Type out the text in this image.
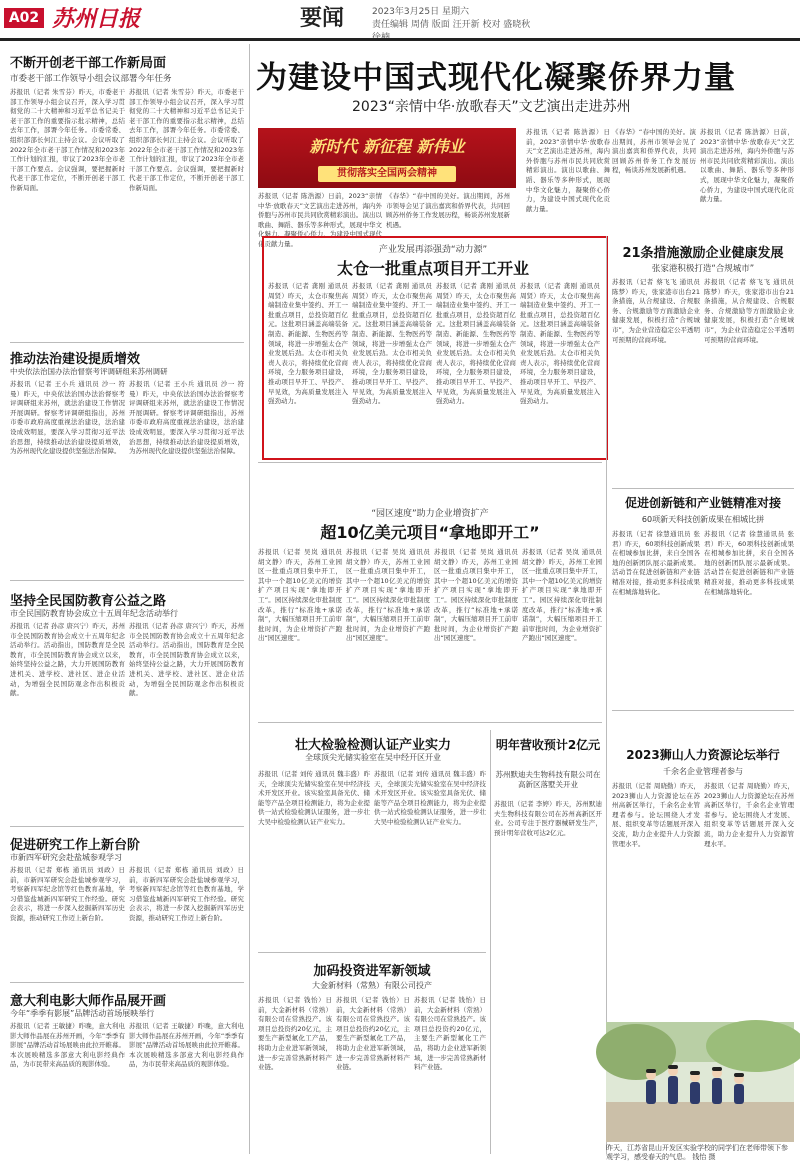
A02 苏州日报	要闻	2023年3月25日 星期六
责任编辑 周倩 版面 汪开新 校对 盛晓秋
不断开创老干部工作新局面
市委老干部工作领导小组会议部署今年任务
苏报讯（记者 朱雪芬）昨天，市委老干部工作领导小组会议召开，深入学习贯彻党的二十大精神和习近平总书记关于老干部工作的重要指示批示精神，总结去年工作，部署今年任务。市委常委、组织部部长何江主持会议。会议听取了2022年全市老干部工作情况和2023年工作计划的汇报，审议了2023年全市老干部工作要点。会议强调，要把握新时代老干部工作定位，不断开创老干部工作新局面。
苏报讯（记者 朱雪芬）昨天，市委老干部工作领导小组会议召开，深入学习贯彻党的二十大精神和习近平总书记关于老干部工作的重要指示批示精神，总结去年工作，部署今年任务。市委常委、组织部部长何江主持会议。会议听取了2022年全市老干部工作情况和2023年工作计划的汇报，审议了2023年全市老干部工作要点。会议强调，要把握新时代老干部工作定位，不断开创老干部工作新局面。
推动法治建设提质增效
中央依法治国办法治督察考评调研组来苏州调研
苏报讯（记者 王小兵 通讯员 沙一 符曼）昨天，中央依法治国办法治督察考评调研组来苏州，就法治建设工作情况开展调研。督察考评调研组指出，苏州市委市政府高度重视法治建设，法治建设成效明显，要深入学习贯彻习近平法治思想，持续推动法治建设提质增效，为苏州现代化建设提供坚强法治保障。
苏报讯（记者 王小兵 通讯员 沙一 符曼）昨天，中央依法治国办法治督察考评调研组来苏州，就法治建设工作情况开展调研。督察考评调研组指出，苏州市委市政府高度重视法治建设，法治建设成效明显，要深入学习贯彻习近平法治思想，持续推动法治建设提质增效，为苏州现代化建设提供坚强法治保障。
坚持全民国防教育公益之路
市全民国防教育协会成立十五周年纪念活动举行
苏报讯（记者 孙彦 唐兴宁）昨天，苏州市全民国防教育协会成立十五周年纪念活动举行。活动指出，国防教育是全民教育，市全民国防教育协会成立以来，始终坚持公益之路，大力开展国防教育进机关、进学校、进社区、进企业活动，为增强全民国防观念作出积极贡献。
苏报讯（记者 孙彦 唐兴宁）昨天，苏州市全民国防教育协会成立十五周年纪念活动举行。活动指出，国防教育是全民教育，市全民国防教育协会成立以来，始终坚持公益之路，大力开展国防教育进机关、进学校、进社区、进企业活动，为增强全民国防观念作出积极贡献。
促进研究工作上新台阶
市新四军研究会赴盐城参观学习
苏报讯（记者 郑栋 通讯员 刘政）日前，市新四军研究会赴盐城参观学习，考察新四军纪念馆等红色教育基地，学习借鉴盐城新四军研究工作经验。研究会表示，将进一步深入挖掘新四军历史资源，推动研究工作迈上新台阶。
苏报讯（记者 郑栋 通讯员 刘政）日前，市新四军研究会赴盐城参观学习，考察新四军纪念馆等红色教育基地，学习借鉴盐城新四军研究工作经验。研究会表示，将进一步深入挖掘新四军历史资源，推动研究工作迈上新台阶。
意大利电影大师作品展开画
今年“季季有影展”品牌活动首场展映举行
苏报讯（记者 王敏捷）昨晚，意大利电影大师作品展在苏州开画，今年“季季有影展”品牌活动首场展映由此拉开帷幕。本次展映精选多部意大利电影经典作品，为市民带来高品质的观影体验。
苏报讯（记者 王敏捷）昨晚，意大利电影大师作品展在苏州开画，今年“季季有影展”品牌活动首场展映由此拉开帷幕。本次展映精选多部意大利电影经典作品，为市民带来高品质的观影体验。
为建设中国式现代化凝聚侨界力量
2023“亲情中华·放歌春天”文艺演出走进苏州
新时代 新征程 新伟业
贯彻落实全国两会精神
苏报讯（记者 陈浩源）日前，2023“亲情中华·放歌春天”文艺演出走进苏州，海内外侨胞与苏州市民共同欣赏精彩演出。演出以歌曲、舞蹈、器乐等多种形式，展现中华文化魅力，凝聚侨心侨力，为建设中国式现代化贡献力量。
《春华》“春中国的美好。演出期间，苏州市领导会见了演出嘉宾和侨界代表，共同回顾苏州侨务工作发展历程，畅谈苏州发展新机遇。
苏报讯（记者 陈浩源）日前，2023“亲情中华·放歌春天”文艺演出走进苏州，海内外侨胞与苏州市民共同欣赏精彩演出。演出以歌曲、舞蹈、器乐等多种形式，展现中华文化魅力，凝聚侨心侨力，为建设中国式现代化贡献力量。
《春华》“春中国的美好。演出期间，苏州市领导会见了演出嘉宾和侨界代表，共同回顾苏州侨务工作发展历程，畅谈苏州发展新机遇。
苏报讯（记者 陈浩源）日前，2023“亲情中华·放歌春天”文艺演出走进苏州，海内外侨胞与苏州市民共同欣赏精彩演出。演出以歌曲、舞蹈、器乐等多种形式，展现中华文化魅力，凝聚侨心侨力，为建设中国式现代化贡献力量。
产业发展再添强劲“动力源”
太仓一批重点项目开工开业
苏报讯（记者 龚刚 通讯员 周贤）昨天，太仓市聚焦高端制造业集中签约、开工一批重点项目，总投资超百亿元。这批项目涵盖高端装备制造、新能源、生物医药等领域，将进一步增强太仓产业发展后劲。太仓市相关负责人表示，将持续优化营商环境，全力服务项目建设，推动项目早开工、早投产、早见效，为高质量发展注入强劲动力。
苏报讯（记者 龚刚 通讯员 周贤）昨天，太仓市聚焦高端制造业集中签约、开工一批重点项目，总投资超百亿元。这批项目涵盖高端装备制造、新能源、生物医药等领域，将进一步增强太仓产业发展后劲。太仓市相关负责人表示，将持续优化营商环境，全力服务项目建设，推动项目早开工、早投产、早见效，为高质量发展注入强劲动力。
苏报讯（记者 龚刚 通讯员 周贤）昨天，太仓市聚焦高端制造业集中签约、开工一批重点项目，总投资超百亿元。这批项目涵盖高端装备制造、新能源、生物医药等领域，将进一步增强太仓产业发展后劲。太仓市相关负责人表示，将持续优化营商环境，全力服务项目建设，推动项目早开工、早投产、早见效，为高质量发展注入强劲动力。
苏报讯（记者 龚刚 通讯员 周贤）昨天，太仓市聚焦高端制造业集中签约、开工一批重点项目，总投资超百亿元。这批项目涵盖高端装备制造、新能源、生物医药等领域，将进一步增强太仓产业发展后劲。太仓市相关负责人表示，将持续优化营商环境，全力服务项目建设，推动项目早开工、早投产、早见效，为高质量发展注入强劲动力。
“园区速度”助力企业增资扩产
超10亿美元项目“拿地即开工”
苏报讯（记者 吴岚 通讯员 胡文静）昨天，苏州工业园区一批重点项目集中开工，其中一个超10亿美元的增资扩产项目实现“拿地即开工”。园区持续深化审批制度改革，推行“标准地+承诺制”，大幅压缩项目开工前审批时间，为企业增资扩产跑出“园区速度”。
苏报讯（记者 吴岚 通讯员 胡文静）昨天，苏州工业园区一批重点项目集中开工，其中一个超10亿美元的增资扩产项目实现“拿地即开工”。园区持续深化审批制度改革，推行“标准地+承诺制”，大幅压缩项目开工前审批时间，为企业增资扩产跑出“园区速度”。
苏报讯（记者 吴岚 通讯员 胡文静）昨天，苏州工业园区一批重点项目集中开工，其中一个超10亿美元的增资扩产项目实现“拿地即开工”。园区持续深化审批制度改革，推行“标准地+承诺制”，大幅压缩项目开工前审批时间，为企业增资扩产跑出“园区速度”。
苏报讯（记者 吴岚 通讯员 胡文静）昨天，苏州工业园区一批重点项目集中开工，其中一个超10亿美元的增资扩产项目实现“拿地即开工”。园区持续深化审批制度改革，推行“标准地+承诺制”，大幅压缩项目开工前审批时间，为企业增资扩产跑出“园区速度”。
壮大检验检测认证产业实力
全球顶尖光储实验室在吴中经开区开业
苏报讯（记者 刘传 通讯员 魏丰盛）昨天，全球顶尖光储实验室在吴中经济技术开发区开业。该实验室具备光伏、储能等产品全项目检测能力，将为企业提供一站式检验检测认证服务，进一步壮大吴中检验检测认证产业实力。
苏报讯（记者 刘传 通讯员 魏丰盛）昨天，全球顶尖光储实验室在吴中经济技术开发区开业。该实验室具备光伏、储能等产品全项目检测能力，将为企业提供一站式检验检测认证服务，进一步壮大吴中检验检测认证产业实力。
明年营收预计2亿元
苏州默迪夫生物科技有限公司在高新区落墅关开业
苏报讯（记者 李婷）昨天，苏州默迪夫生物科技有限公司在苏州高新区开业。公司专注于医疗器械研发生产，预计明年营收可达2亿元。
加码投资进军新领域
大金新材料（常熟）有限公司投产
苏报讯（记者 钱怡）日前，大金新材料（常熟）有限公司在常熟投产。该项目总投资约20亿元，主要生产新型氟化工产品，将助力企业进军新领域，进一步完善常熟新材料产业链。
苏报讯（记者 钱怡）日前，大金新材料（常熟）有限公司在常熟投产。该项目总投资约20亿元，主要生产新型氟化工产品，将助力企业进军新领域，进一步完善常熟新材料产业链。
苏报讯（记者 钱怡）日前，大金新材料（常熟）有限公司在常熟投产。该项目总投资约20亿元，主要生产新型氟化工产品，将助力企业进军新领域，进一步完善常熟新材料产业链。
21条措施激励企业健康发展
张家港积极打造“合规城市”
苏报讯（记者 蔡飞飞 通讯员 陈梦）昨天，张家港市出台21条措施，从合规建设、合规服务、合规激励等方面激励企业健康发展，积极打造“合规城市”，为企业营造稳定公平透明可预期的营商环境。
苏报讯（记者 蔡飞飞 通讯员 陈梦）昨天，张家港市出台21条措施，从合规建设、合规服务、合规激励等方面激励企业健康发展，积极打造“合规城市”，为企业营造稳定公平透明可预期的营商环境。
促进创新链和产业链精准对接
60项新天科技创新成果在相城比拼
苏报讯（记者 徐慧通讯员 张君）昨天，60项科技创新成果在相城参加比拼，来自全国各地的创新团队展示最新成果。活动旨在促进创新链和产业链精准对接，推动更多科技成果在相城落地转化。
苏报讯（记者 徐慧通讯员 张君）昨天，60项科技创新成果在相城参加比拼，来自全国各地的创新团队展示最新成果。活动旨在促进创新链和产业链精准对接，推动更多科技成果在相城落地转化。
2023狮山人力资源论坛举行
千余名企业管理者参与
苏报讯（记者 周晓勤）昨天，2023狮山人力资源论坛在苏州高新区举行，千余名企业管理者参与。论坛围绕人才发展、组织变革等话题展开深入交流，助力企业提升人力资源管理水平。
苏报讯（记者 周晓勤）昨天，2023狮山人力资源论坛在苏州高新区举行，千余名企业管理者参与。论坛围绕人才发展、组织变革等话题展开深入交流，助力企业提升人力资源管理水平。
昨天，江苏省昆山开发区实验学校的同学们在老师带领下参观学习，感受春天的气息。 钱怡 摄
